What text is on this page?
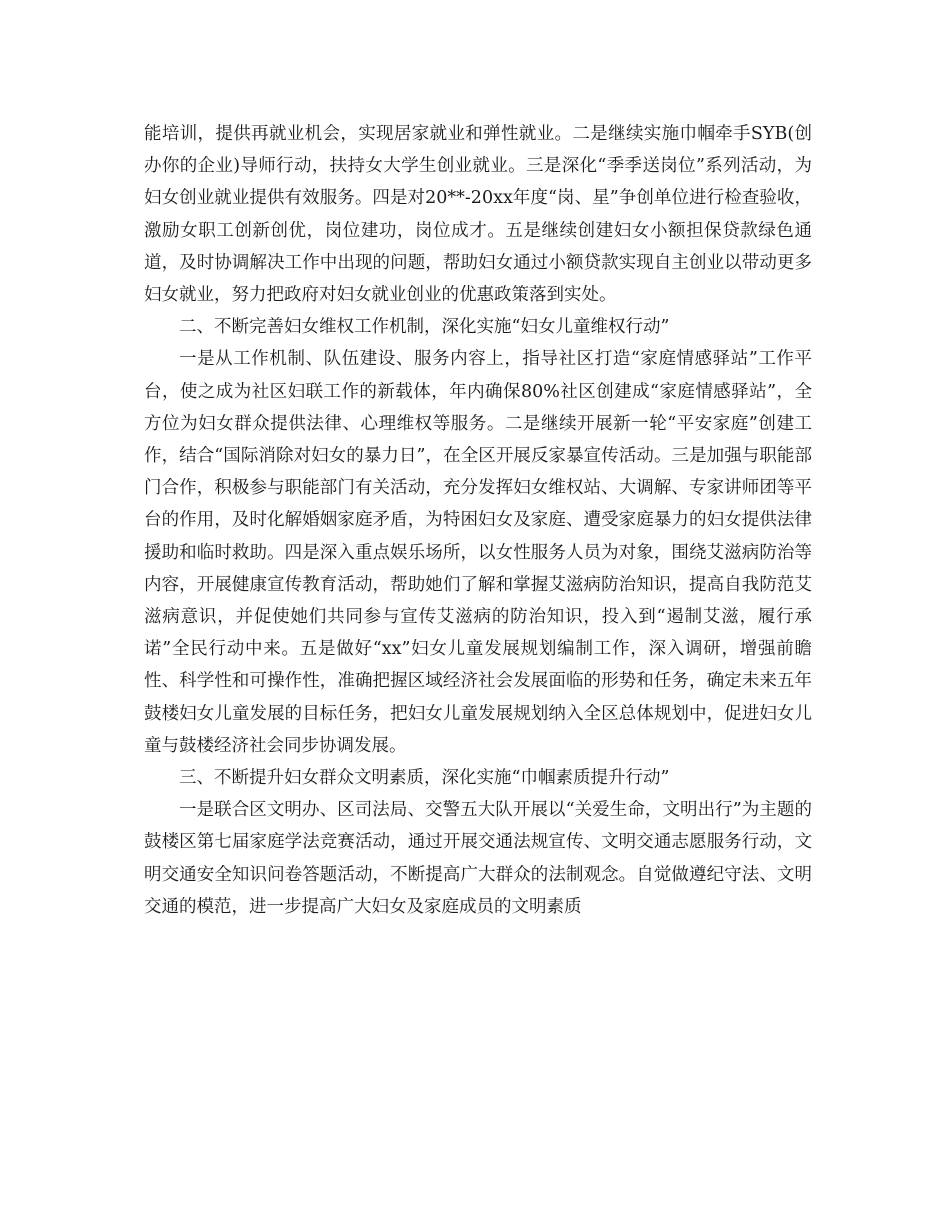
能培训，提供再就业机会，实现居家就业和弹性就业。二是继续实施巾帼牵手SYB(创办你的企业)导师行动，扶持女大学生创业就业。三是深化“季季送岗位”系列活动，为妇女创业就业提供有效服务。四是对20**-20xx年度“岗、星”争创单位进行检查验收，激励女职工创新创优，岗位建功，岗位成才。五是继续创建妇女小额担保贷款绿色通道，及时协调解决工作中出现的问题，帮助妇女通过小额贷款实现自主创业以带动更多妇女就业，努力把政府对妇女就业创业的优惠政策落到实处。

二、不断完善妇女维权工作机制，深化实施“妇女儿童维权行动”

一是从工作机制、队伍建设、服务内容上，指导社区打造“家庭情感驿站”工作平台，使之成为社区妇联工作的新载体，年内确保80%社区创建成“家庭情感驿站”，全方位为妇女群众提供法律、心理维权等服务。二是继续开展新一轮“平安家庭”创建工作，结合“国际消除对妇女的暴力日”，在全区开展反家暴宣传活动。三是加强与职能部门合作，积极参与职能部门有关活动，充分发挥妇女维权站、大调解、专家讲师团等平台的作用，及时化解婚姻家庭矛盾，为特困妇女及家庭、遭受家庭暴力的妇女提供法律援助和临时救助。四是深入重点娱乐场所，以女性服务人员为对象，围绕艾滋病防治等内容，开展健康宣传教育活动，帮助她们了解和掌握艾滋病防治知识，提高自我防范艾滋病意识，并促使她们共同参与宣传艾滋病的防治知识，投入到“遏制艾滋，履行承诺”全民行动中来。五是做好“xx”妇女儿童发展规划编制工作，深入调研，增强前瞻性、科学性和可操作性，准确把握区域经济社会发展面临的形势和任务，确定未来五年鼓楼妇女儿童发展的目标任务，把妇女儿童发展规划纳入全区总体规划中，促进妇女儿童与鼓楼经济社会同步协调发展。

三、不断提升妇女群众文明素质，深化实施“巾帼素质提升行动”

一是联合区文明办、区司法局、交警五大队开展以“关爱生命，文明出行”为主题的鼓楼区第七届家庭学法竞赛活动，通过开展交通法规宣传、文明交通志愿服务行动，文明交通安全知识问卷答题活动，不断提高广大群众的法制观念。自觉做遵纪守法、文明交通的模范，进一步提高广大妇女及家庭成员的文明素质
